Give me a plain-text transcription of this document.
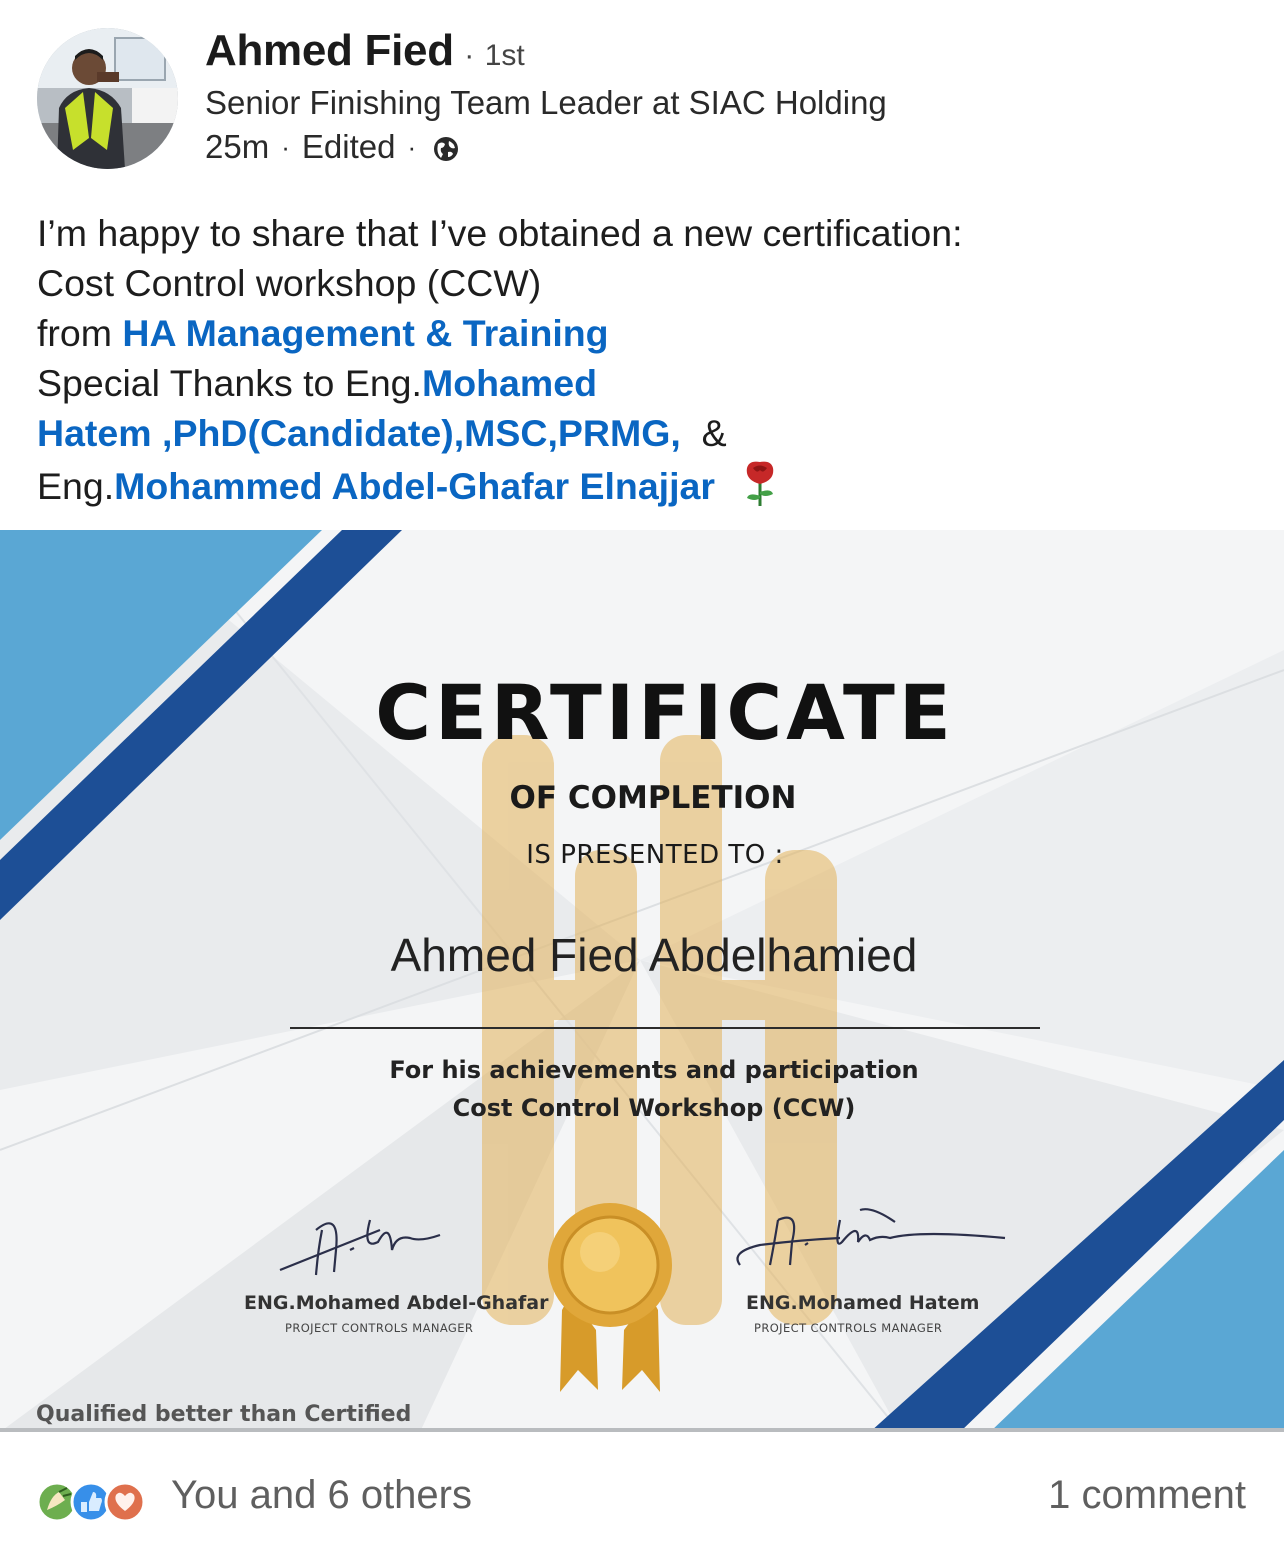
Ahmed Fied · 1st
Senior Finishing Team Leader at SIAC Holding
25m · Edited ·
I’m happy to share that I’ve obtained a new certification:
Cost Control workshop (CCW)
from HA Management & Training
Special Thanks to Eng.Mohamed
Hatem ,PhD(Candidate),MSC,PRMG,  &
Eng.Mohammed Abdel-Ghafar Elnajjar
CERTIFICATE
OF COMPLETION
IS PRESENTED TO :
Ahmed Fied Abdelhamied
For his achievements and participation
Cost Control Workshop (CCW)
ENG.Mohamed Abdel-Ghafar
PROJECT CONTROLS MANAGER
ENG.Mohamed Hatem
PROJECT CONTROLS MANAGER
Qualified better than Certified
You and 6 others	1 comment
